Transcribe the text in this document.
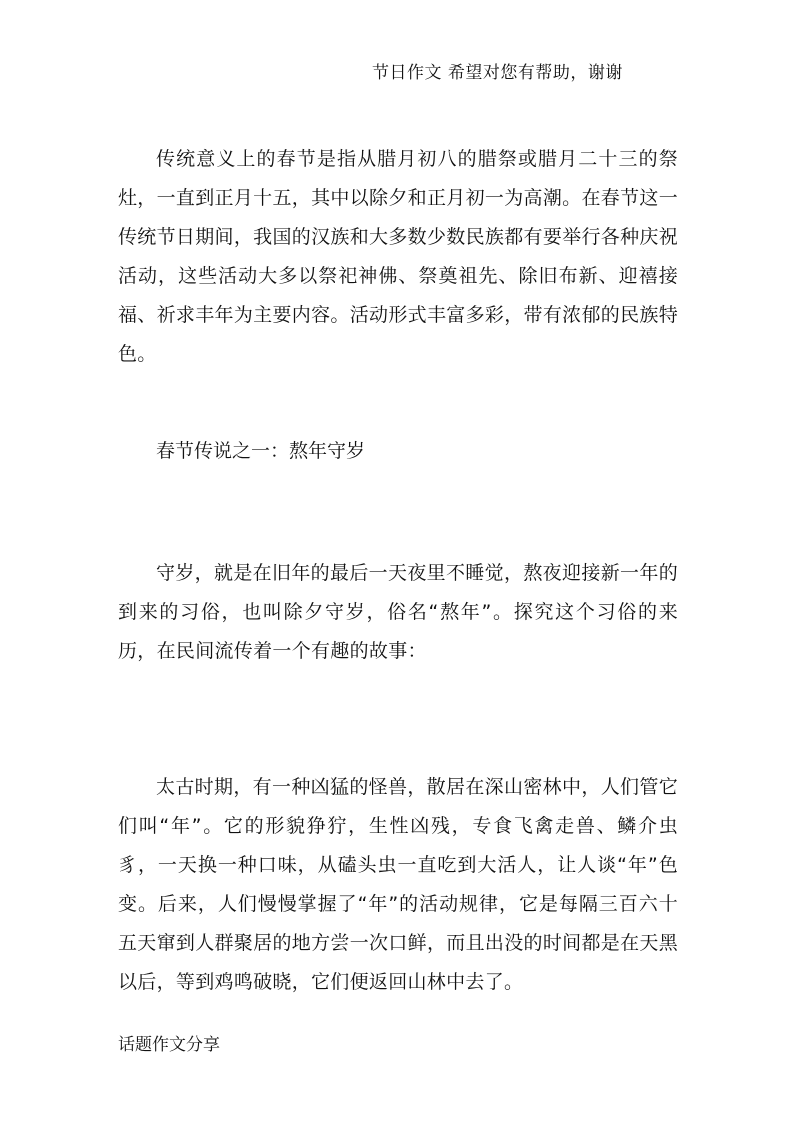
节日作文 希望对您有帮助，谢谢

传统意义上的春节是指从腊月初八的腊祭或腊月二十三的祭灶，一直到正月十五，其中以除夕和正月初一为高潮。在春节这一传统节日期间，我国的汉族和大多数少数民族都有要举行各种庆祝活动，这些活动大多以祭祀神佛、祭奠祖先、除旧布新、迎禧接福、祈求丰年为主要内容。活动形式丰富多彩，带有浓郁的民族特色。

春节传说之一：熬年守岁

守岁，就是在旧年的最后一天夜里不睡觉，熬夜迎接新一年的到来的习俗，也叫除夕守岁，俗名“熬年”。探究这个习俗的来历，在民间流传着一个有趣的故事：

太古时期，有一种凶猛的怪兽，散居在深山密林中，人们管它们叫“年”。它的形貌狰狞，生性凶残，专食飞禽走兽、鳞介虫豸，一天换一种口味，从磕头虫一直吃到大活人，让人谈“年”色变。后来，人们慢慢掌握了“年”的活动规律，它是每隔三百六十五天窜到人群聚居的地方尝一次口鲜，而且出没的时间都是在天黑以后，等到鸡鸣破晓，它们便返回山林中去了。

话题作文分享
